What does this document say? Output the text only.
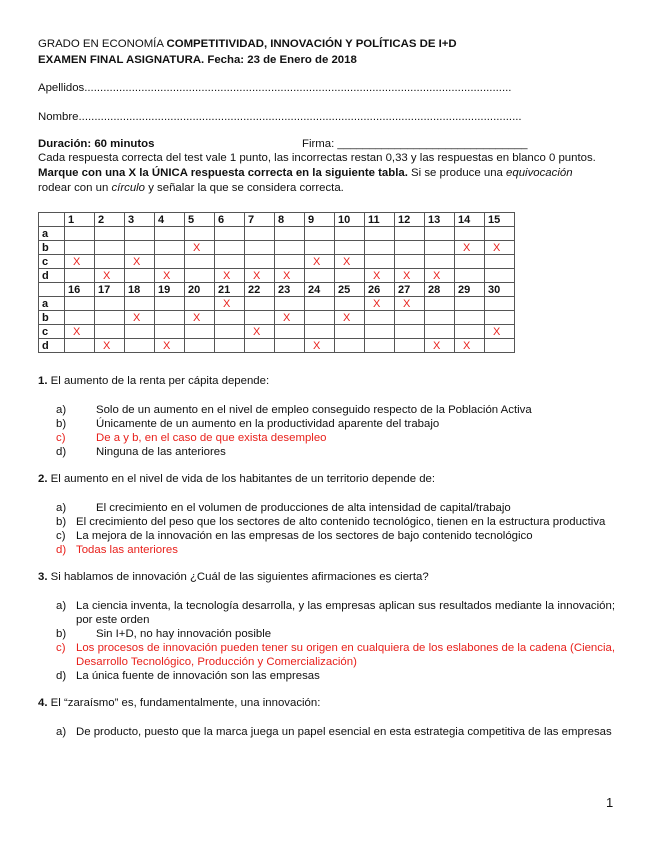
GRADO EN ECONOMÍA COMPETITIVIDAD, INNOVACIÓN Y POLÍTICAS DE I+D
EXAMEN FINAL ASIGNATURA. Fecha: 23 de Enero de 2018
Apellidos.......................................................................................................................................
Nombre............................................................................................................................................
Duración: 60 minutos	Firma: ______________________________
Cada respuesta correcta del test vale 1 punto, las incorrectas restan 0,33 y las respuestas en blanco 0 puntos.
Marque con una X la ÚNICA respuesta correcta en la siguiente tabla. Si se produce una equivocación
rodear con un círculo y señalar la que se considera correcta.
	1	2	3	4	5	6	7	8	9	10	11	12	13	14	15
a															
b					X									X	X
c	X		X						X	X					
d		X		X		X	X	X			X	X	X		
	16	17	18	19	20	21	22	23	24	25	26	27	28	29	30
a						X					X	X			
b			X		X			X		X					
c	X						X								X
d		X		X					X				X	X	
1. El aumento de la renta per cápita depende:
a)	Solo de un aumento en el nivel de empleo conseguido respecto de la Población Activa
b)	Únicamente de un aumento en la productividad aparente del trabajo
c)	De a y b, en el caso de que exista desempleo
d)	Ninguna de las anteriores
2. El aumento en el nivel de vida de los habitantes de un territorio depende de:
a)	El crecimiento en el volumen de producciones de alta intensidad de capital/trabajo
b) El crecimiento del peso que los sectores de alto contenido tecnológico, tienen en la estructura productiva
c) La mejora de la innovación en las empresas de los sectores de bajo contenido tecnológico
d) Todas las anteriores
3. Si hablamos de innovación ¿Cuál de las siguientes afirmaciones es cierta?
a) La ciencia inventa, la tecnología desarrolla, y las empresas aplican sus resultados mediante la innovación; por este orden
b)	Sin I+D, no hay innovación posible
c) Los procesos de innovación pueden tener su origen en cualquiera de los eslabones de la cadena (Ciencia, Desarrollo Tecnológico, Producción y Comercialización)
d) La única fuente de innovación son las empresas
4. El “zaraísmo” es, fundamentalmente, una innovación:
a) De producto, puesto que la marca juega un papel esencial en esta estrategia competitiva de las empresas
1
